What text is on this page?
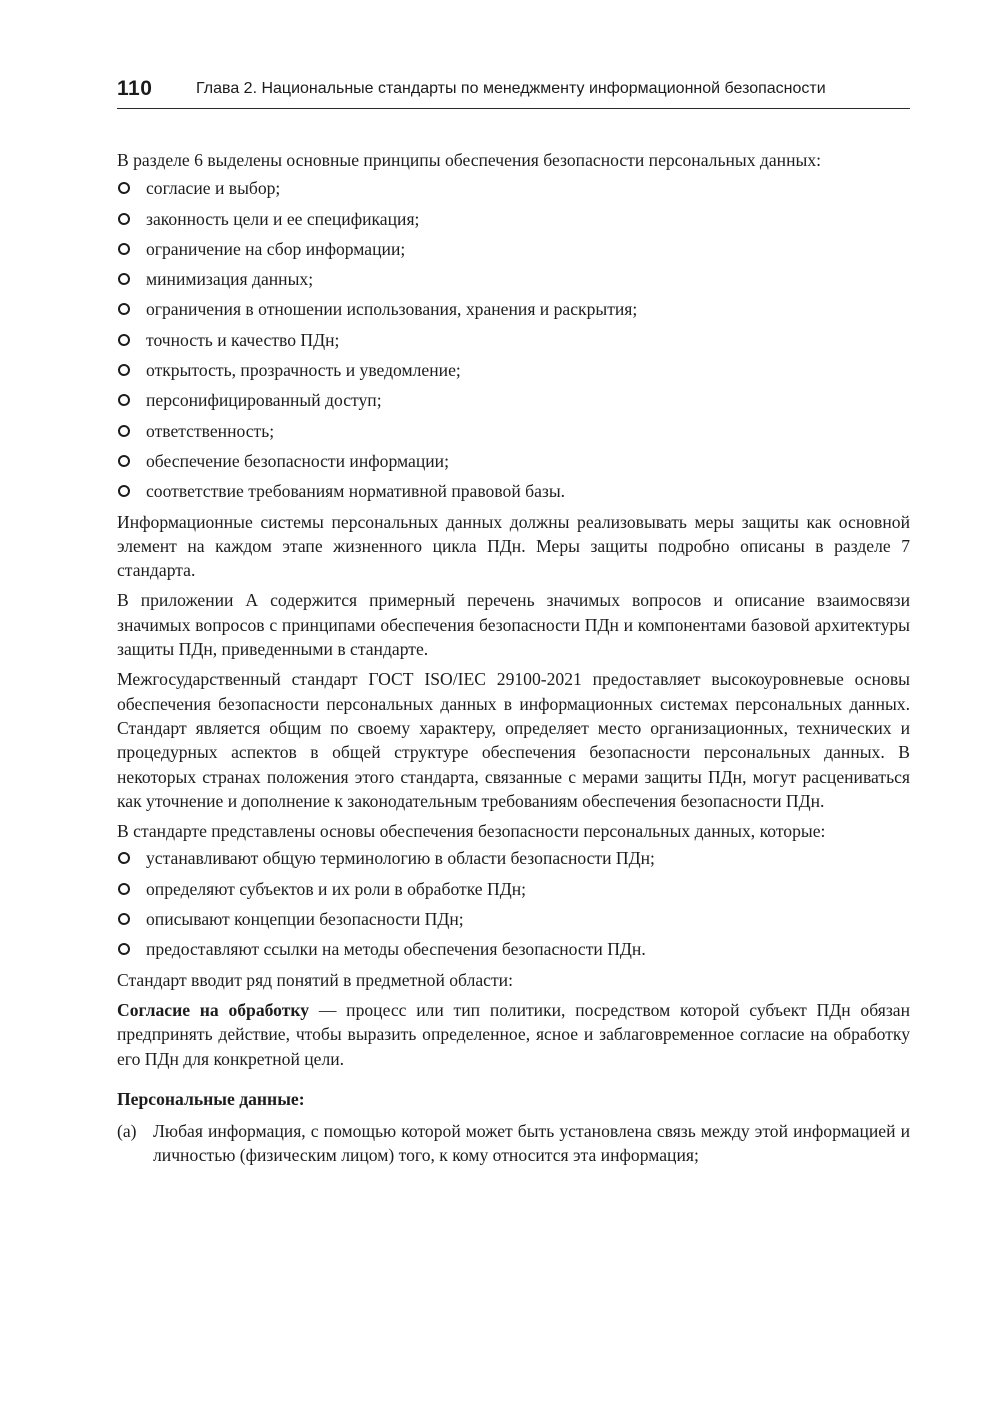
110	Глава 2. Национальные стандарты по менеджменту информационной безопасности

В разделе 6 выделены основные принципы обеспечения безопасности персональных данных:

согласие и выбор;
законность цели и ее спецификация;
ограничение на сбор информации;
минимизация данных;
ограничения в отношении использования, хранения и раскрытия;
точность и качество ПДн;
открытость, прозрачность и уведомление;
персонифицированный доступ;
ответственность;
обеспечение безопасности информации;
соответствие требованиям нормативной правовой базы.

Информационные системы персональных данных должны реализовывать меры защиты как основной элемент на каждом этапе жизненного цикла ПДн. Меры защиты подробно описаны в разделе 7 стандарта.

В приложении А содержится примерный перечень значимых вопросов и описание взаимосвязи значимых вопросов с принципами обеспечения безопасности ПДн и компонентами базовой архитектуры защиты ПДн, приведенными в стандарте.

Межгосударственный стандарт ГОСТ ISO/IEC 29100-2021 предоставляет высокоуровневые основы обеспечения безопасности персональных данных в информационных системах персональных данных. Стандарт является общим по своему характеру, определяет место организационных, технических и процедурных аспектов в общей структуре обеспечения безопасности персональных данных. В некоторых странах положения этого стандарта, связанные с мерами защиты ПДн, могут расцениваться как уточнение и дополнение к законодательным требованиям обеспечения безопасности ПДн.

В стандарте представлены основы обеспечения безопасности персональных данных, которые:

устанавливают общую терминологию в области безопасности ПДн;
определяют субъектов и их роли в обработке ПДн;
описывают концепции безопасности ПДн;
предоставляют ссылки на методы обеспечения безопасности ПДн.

Стандарт вводит ряд понятий в предметной области:

Согласие на обработку — процесс или тип политики, посредством которой субъект ПДн обязан предпринять действие, чтобы выразить определенное, ясное и заблаговременное согласие на обработку его ПДн для конкретной цели.

Персональные данные:
(а) Любая информация, с помощью которой может быть установлена связь между этой информацией и личностью (физическим лицом) того, к кому относится эта информация;
